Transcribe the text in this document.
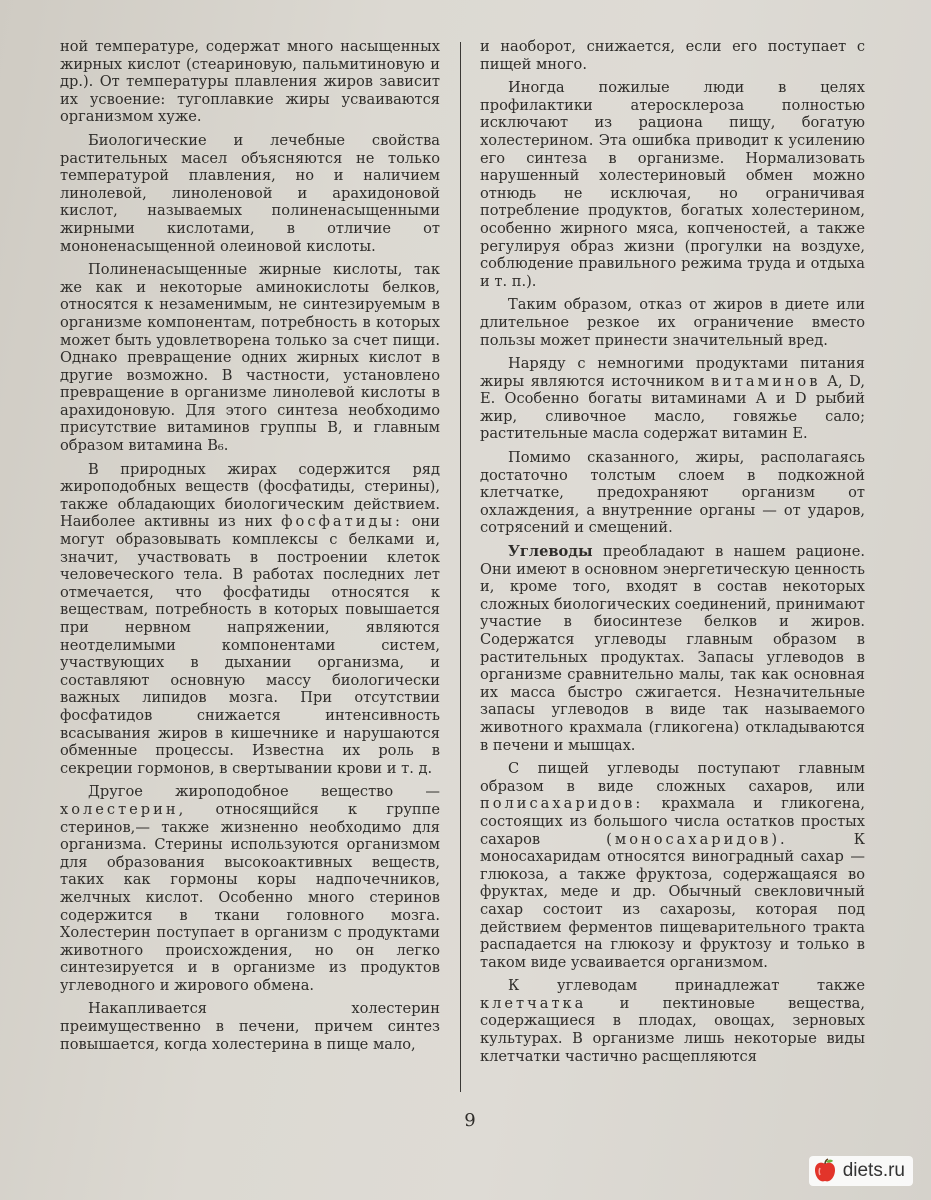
ной температуре, содержат много насыщенных жирных кислот (стеариновую, пальмитиновую и др.). От температуры плавления жиров зависит их усвоение: тугоплавкие жиры усваиваются организмом хуже.

Биологические и лечебные свойства растительных масел объясняются не только температурой плавления, но и наличием линолевой, линоленовой и арахидоновой кислот, называемых полиненасыщенными жирными кислотами, в отличие от мононенасыщенной олеиновой кислоты.

Полиненасыщенные жирные кислоты, так же как и некоторые аминокислоты белков, относятся к незаменимым, не синтезируемым в организме компонентам, потребность в которых может быть удовлетворена только за счет пищи. Однако превращение одних жирных кислот в другие возможно. В частности, установлено превращение в организме линолевой кислоты в арахидоновую. Для этого синтеза необходимо присутствие витаминов группы В, и главным образом витамина В₆.

В природных жирах содержится ряд жироподобных веществ (фосфатиды, стерины), также обладающих биологическим действием. Наиболее активны из них фосфатиды: они могут образовывать комплексы с белками и, значит, участвовать в построении клеток человеческого тела. В работах последних лет отмечается, что фосфатиды относятся к веществам, потребность в которых повышается при нервном напряжении, являются неотделимыми компонентами систем, участвующих в дыхании организма, и составляют основную массу биологически важных липидов мозга. При отсутствии фосфатидов снижается интенсивность всасывания жиров в кишечнике и нарушаются обменные процессы. Известна их роль в секреции гормонов, в свертывании крови и т. д.

Другое жироподобное вещество — холестерин, относящийся к группе стеринов,— также жизненно необходимо для организма. Стерины используются организмом для образования высокоактивных веществ, таких как гормоны коры надпочечников, желчных кислот. Особенно много стеринов содержится в ткани головного мозга. Холестерин поступает в организм с продуктами животного происхождения, но он легко синтезируется и в организме из продуктов углеводного и жирового обмена.

Накапливается холестерин преимущественно в печени, причем синтез повышается, когда холестерина в пище мало,

и наоборот, снижается, если его поступает с пищей много.

Иногда пожилые люди в целях профилактики атеросклероза полностью исключают из рациона пищу, богатую холестерином. Эта ошибка приводит к усилению его синтеза в организме. Нормализовать нарушенный холестериновый обмен можно отнюдь не исключая, но ограничивая потребление продуктов, богатых холестерином, особенно жирного мяса, копченостей, а также регулируя образ жизни (прогулки на воздухе, соблюдение правильного режима труда и отдыха и т. п.).

Таким образом, отказ от жиров в диете или длительное резкое их ограничение вместо пользы может принести значительный вред.

Наряду с немногими продуктами питания жиры являются источником витаминов А, D, Е. Особенно богаты витаминами А и D рыбий жир, сливочное масло, говяжье сало; растительные масла содержат витамин Е.

Помимо сказанного, жиры, располагаясь достаточно толстым слоем в подкожной клетчатке, предохраняют организм от охлаждения, а внутренние органы — от ударов, сотрясений и смещений.

Углеводы преобладают в нашем рационе. Они имеют в основном энергетическую ценность и, кроме того, входят в состав некоторых сложных биологических соединений, принимают участие в биосинтезе белков и жиров. Содержатся углеводы главным образом в растительных продуктах. Запасы углеводов в организме сравнительно малы, так как основная их масса быстро сжигается. Незначительные запасы углеводов в виде так называемого животного крахмала (гликогена) откладываются в печени и мышцах.

С пищей углеводы поступают главным образом в виде сложных сахаров, или полисахаридов: крахмала и гликогена, состоящих из большого числа остатков простых сахаров	(моносахаридов).	К моносахаридам относятся виноградный сахар — глюкоза, а также фруктоза, содержащаяся во фруктах, меде и др. Обычный свекловичный сахар состоит из сахарозы, которая под действием ферментов пищеварительного тракта распадается на глюкозу и фруктозу и только в таком виде усваивается организмом.

К углеводам принадлежат также клетчатка и пектиновые вещества, содержащиеся в плодах, овощах, зерновых культурах. В организме лишь некоторые виды клетчатки частично расщепляются

9
diets.ru
